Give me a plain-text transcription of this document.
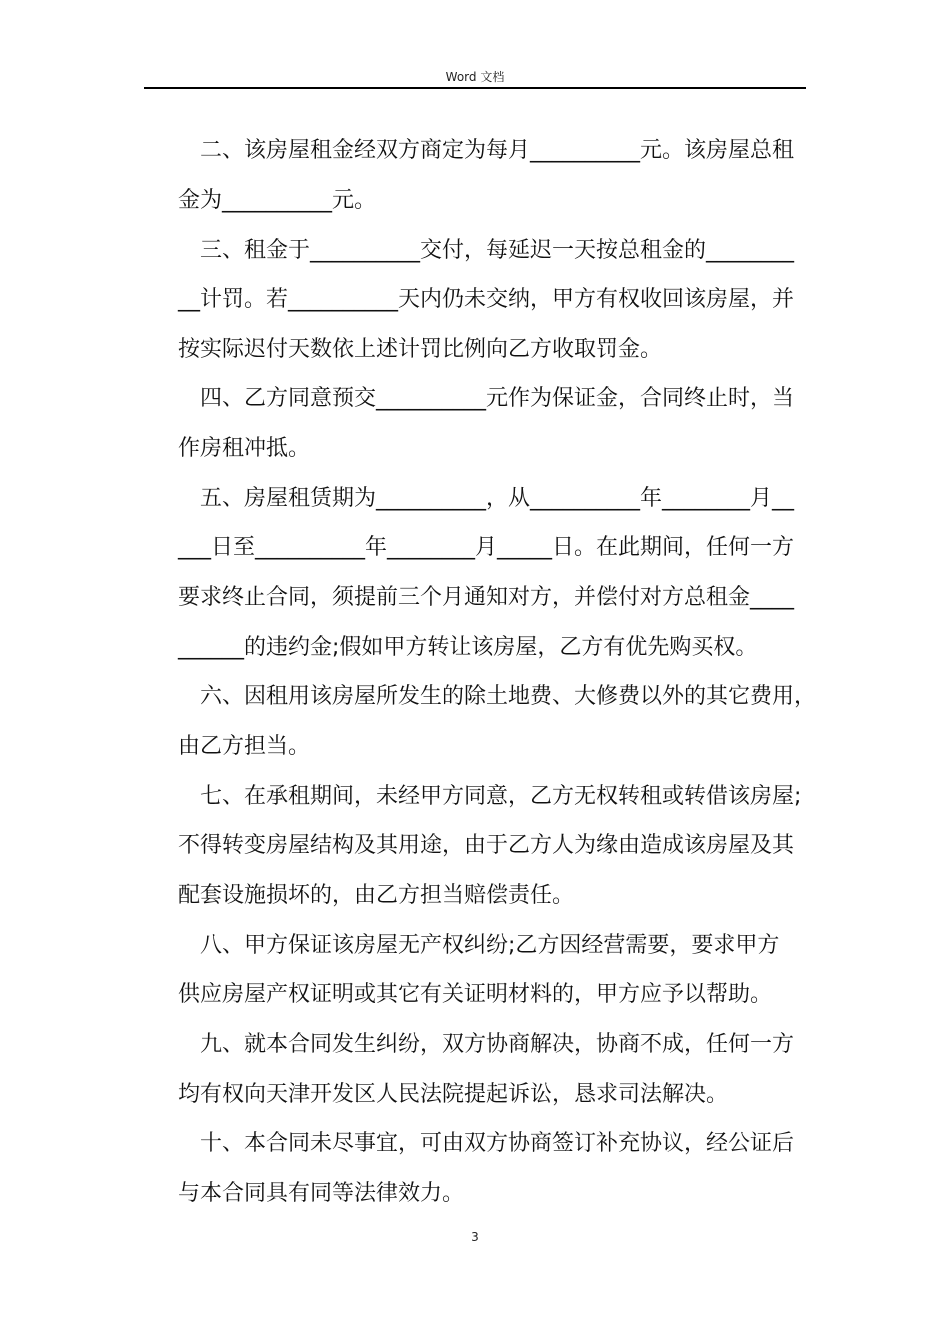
Word 文档
　二、该房屋租金经双方商定为每月__________元。该房屋总租
金为__________元。
　三、租金于__________交付，每延迟一天按总租金的________
__计罚。若__________天内仍未交纳，甲方有权收回该房屋，并
按实际迟付天数依上述计罚比例向乙方收取罚金。
　四、乙方同意预交__________元作为保证金，合同终止时，当
作房租冲抵。
　五、房屋租赁期为__________，从__________年________月__
___日至__________年________月_____日。在此期间，任何一方
要求终止合同，须提前三个月通知对方，并偿付对方总租金____
______的违约金;假如甲方转让该房屋，乙方有优先购买权。
　六、因租用该房屋所发生的除土地费、大修费以外的其它费用，
由乙方担当。
　七、在承租期间，未经甲方同意，乙方无权转租或转借该房屋;
不得转变房屋结构及其用途，由于乙方人为缘由造成该房屋及其
配套设施损坏的，由乙方担当赔偿责任。
　八、甲方保证该房屋无产权纠纷;乙方因经营需要，要求甲方
供应房屋产权证明或其它有关证明材料的，甲方应予以帮助。
　九、就本合同发生纠纷，双方协商解决，协商不成，任何一方
均有权向天津开发区人民法院提起诉讼，恳求司法解决。
　十、本合同未尽事宜，可由双方协商签订补充协议，经公证后
与本合同具有同等法律效力。
3
